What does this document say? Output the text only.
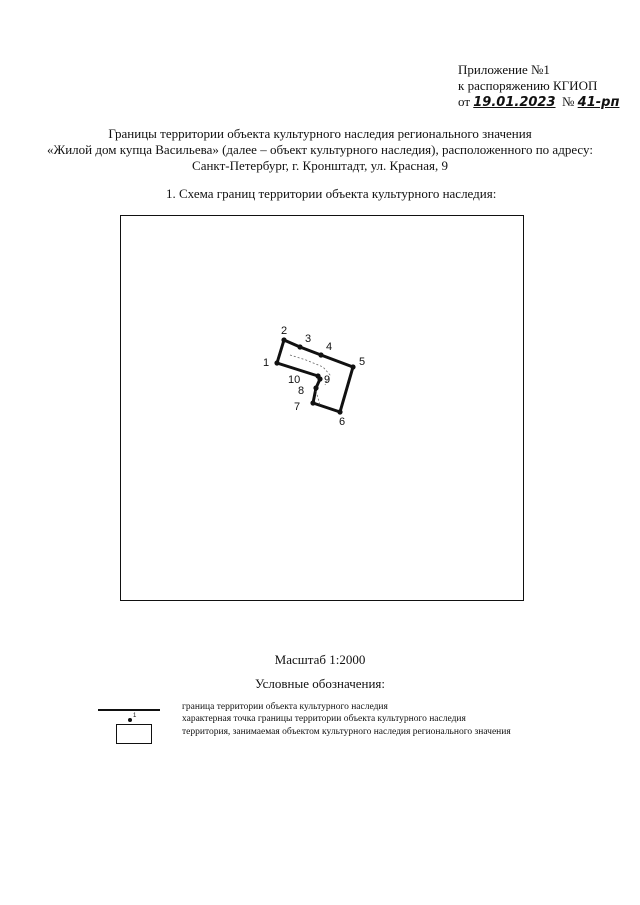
Приложение №1
к распоряжению КГИОП
от 19.01.2023 № 41-рп
Границы территории объекта культурного наследия регионального значения
«Жилой дом купца Васильева» (далее – объект культурного наследия), расположенного по адресу:
Санкт-Петербург, г. Кронштадт, ул. Красная, 9
1. Схема границ территории объекта культурного наследия:
1
2
3
4
5
6
7
8
9
10
Масштаб 1:2000
Условные обозначения:
граница территории объекта культурного наследия
1	характерная точка границы территории объекта культурного наследия
территория, занимаемая объектом культурного наследия регионального значения
